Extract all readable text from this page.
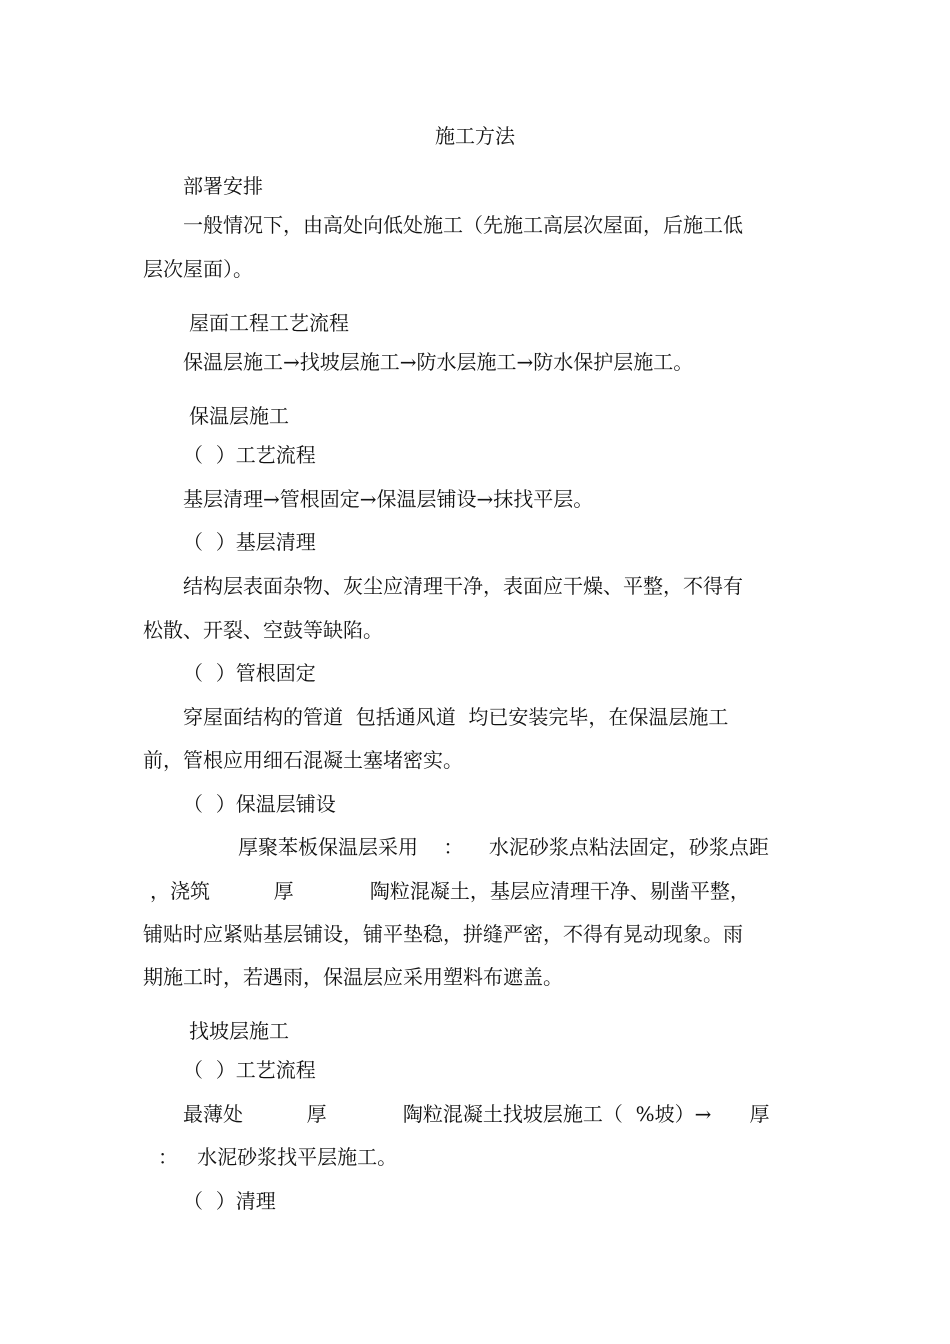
施工方法
部署安排
一般情况下，由高处向低处施工（先施工高层次屋面，后施工低
层次屋面）。
屋面工程工艺流程
保温层施工→找坡层施工→防水层施工→防水保护层施工。
保温层施工
（  ）工艺流程
基层清理→管根固定→保温层铺设→抹找平层。
（  ）基层清理
结构层表面杂物、灰尘应清理干净，表面应干燥、平整，不得有
松散、开裂、空鼓等缺陷。
（  ）管根固定
穿屋面结构的管道  包括通风道  均已安装完毕，在保温层施工
前，管根应用细石混凝土塞堵密实。
（  ）保温层铺设
厚聚苯板保温层采用    ：    水泥砂浆点粘法固定，砂浆点距
，浇筑          厚            陶粒混凝土，基层应清理干净、剔凿平整，
铺贴时应紧贴基层铺设，铺平垫稳，拼缝严密，不得有晃动现象。雨
期施工时，若遇雨，保温层应采用塑料布遮盖。
找坡层施工
（  ）工艺流程
最薄处          厚            陶粒混凝土找坡层施工（  %坡）→      厚
：   水泥砂浆找平层施工。
（  ）清理
